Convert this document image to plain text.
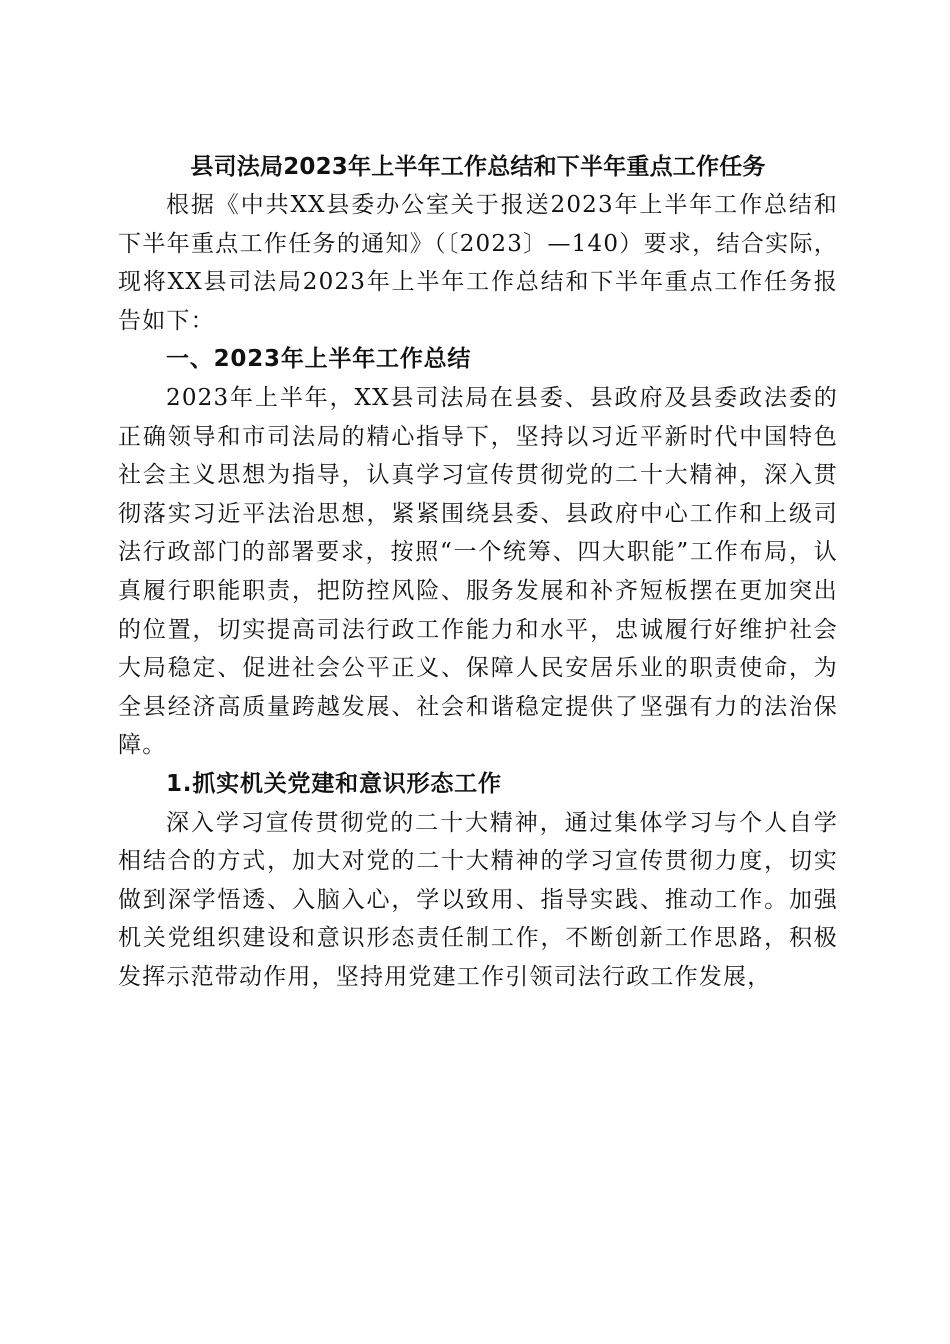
县司法局2023年上半年工作总结和下半年重点工作任务

根据《中共XX县委办公室关于报送2023年上半年工作总结和下半年重点工作任务的通知》（〔2023〕—140）要求，结合实际，现将XX县司法局2023年上半年工作总结和下半年重点工作任务报告如下：

一、2023年上半年工作总结

2023年上半年，XX县司法局在县委、县政府及县委政法委的正确领导和市司法局的精心指导下，坚持以习近平新时代中国特色社会主义思想为指导，认真学习宣传贯彻党的二十大精神，深入贯彻落实习近平法治思想，紧紧围绕县委、县政府中心工作和上级司法行政部门的部署要求，按照“一个统筹、四大职能”工作布局，认真履行职能职责，把防控风险、服务发展和补齐短板摆在更加突出的位置，切实提高司法行政工作能力和水平，忠诚履行好维护社会大局稳定、促进社会公平正义、保障人民安居乐业的职责使命，为全县经济高质量跨越发展、社会和谐稳定提供了坚强有力的法治保障。

1.抓实机关党建和意识形态工作

深入学习宣传贯彻党的二十大精神，通过集体学习与个人自学相结合的方式，加大对党的二十大精神的学习宣传贯彻力度，切实做到深学悟透、入脑入心，学以致用、指导实践、推动工作。加强机关党组织建设和意识形态责任制工作，不断创新工作思路，积极发挥示范带动作用，坚持用党建工作引领司法行政工作发展，
